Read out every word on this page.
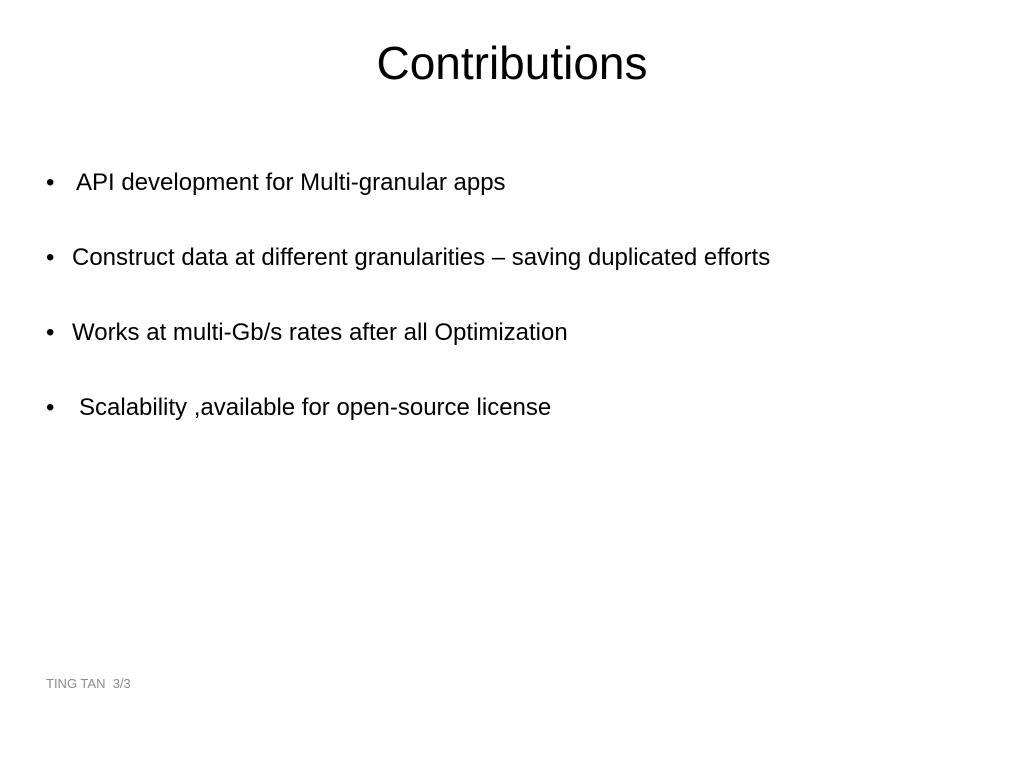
Contributions
• API development for Multi-granular apps
• Construct data at different granularities – saving duplicated efforts
• Works at multi-Gb/s rates after all Optimization
•	Scalability ,available for open-source license
TING TAN  3/3
